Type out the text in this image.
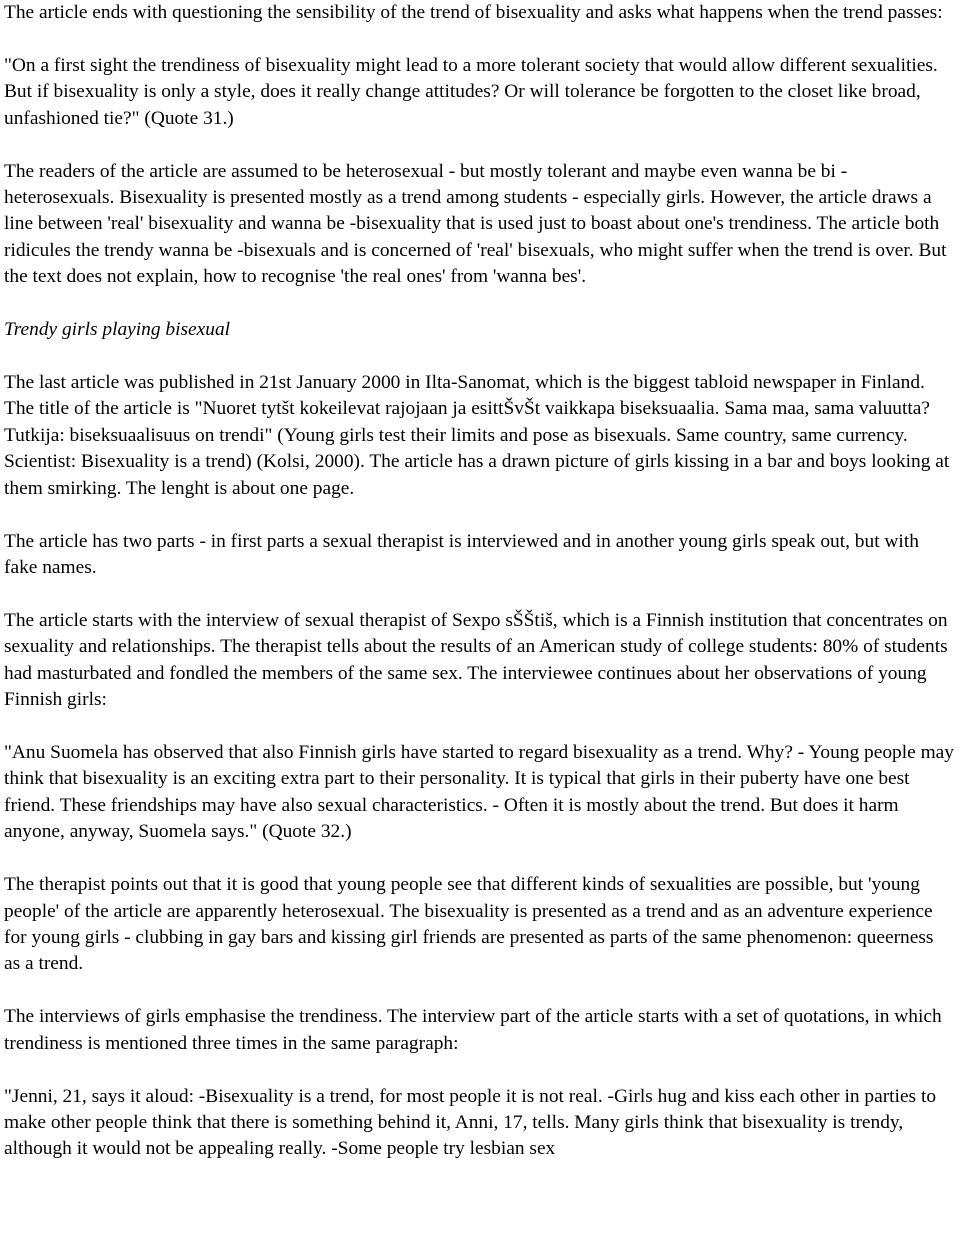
The article ends with questioning the sensibility of the trend of bisexuality and asks what happens when the trend passes:

"On a first sight the trendiness of bisexuality might lead to a more tolerant society that would allow different sexualities. But if bisexuality is only a style, does it really change attitudes? Or will tolerance be forgotten to the closet like broad, unfashioned tie?" (Quote 31.)

The readers of the article are assumed to be heterosexual - but mostly tolerant and maybe even wanna be bi -heterosexuals. Bisexuality is presented mostly as a trend among students - especially girls. However, the article draws a line between 'real' bisexuality and wanna be -bisexuality that is used just to boast about one's trendiness. The article both ridicules the trendy wanna be -bisexuals and is concerned of 'real' bisexuals, who might suffer when the trend is over. But the text does not explain, how to recognise 'the real ones' from 'wanna bes'.

Trendy girls playing bisexual

The last article was published in 21st January 2000 in Ilta-Sanomat, which is the biggest tabloid newspaper in Finland. The title of the article is "Nuoret tytšt kokeilevat rajojaan ja esittŠvŠt vaikkapa biseksuaalia. Sama maa, sama valuutta? Tutkija: biseksuaalisuus on trendi" (Young girls test their limits and pose as bisexuals. Same country, same currency. Scientist: Bisexuality is a trend) (Kolsi, 2000). The article has a drawn picture of girls kissing in a bar and boys looking at them smirking. The lenght is about one page.

The article has two parts - in first parts a sexual therapist is interviewed and in another young girls speak out, but with fake names.

The article starts with the interview of sexual therapist of Sexpo sŠŠtiš, which is a Finnish institution that concentrates on sexuality and relationships. The therapist tells about the results of an American study of college students: 80% of students had masturbated and fondled the members of the same sex. The interviewee continues about her observations of young Finnish girls:

"Anu Suomela has observed that also Finnish girls have started to regard bisexuality as a trend. Why? - Young people may think that bisexuality is an exciting extra part to their personality. It is typical that girls in their puberty have one best friend. These friendships may have also sexual characteristics. - Often it is mostly about the trend. But does it harm anyone, anyway, Suomela says." (Quote 32.)

The therapist points out that it is good that young people see that different kinds of sexualities are possible, but 'young people' of the article are apparently heterosexual. The bisexuality is presented as a trend and as an adventure experience for young girls - clubbing in gay bars and kissing girl friends are presented as parts of the same phenomenon: queerness as a trend.

The interviews of girls emphasise the trendiness. The interview part of the article starts with a set of quotations, in which trendiness is mentioned three times in the same paragraph:

"Jenni, 21, says it aloud: -Bisexuality is a trend, for most people it is not real. -Girls hug and kiss each other in parties to make other people think that there is something behind it, Anni, 17, tells. Many girls think that bisexuality is trendy, although it would not be appealing really. -Some people try lesbian sex
